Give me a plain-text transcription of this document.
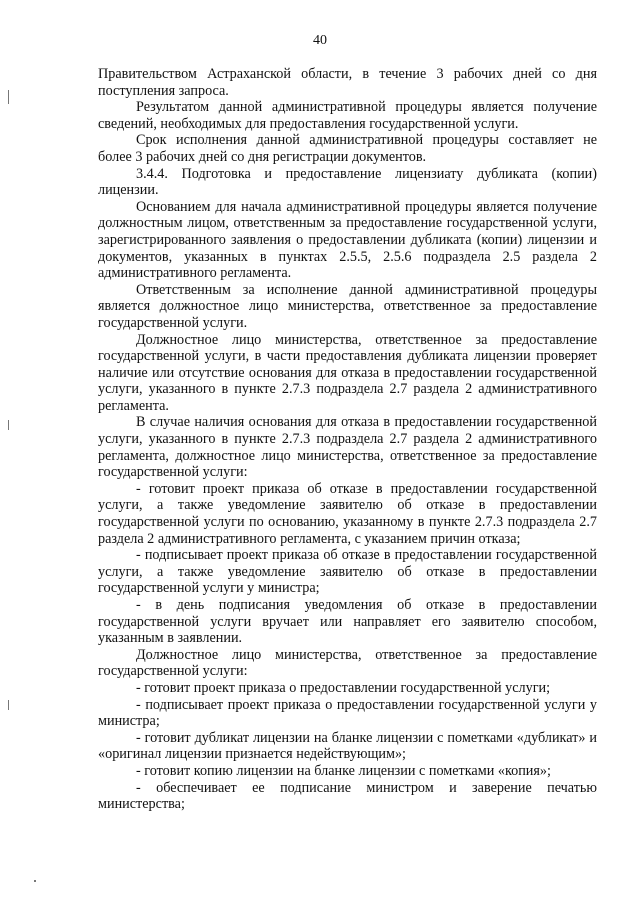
40

Правительством Астраханской области, в течение 3 рабочих дней со дня поступления запроса.

Результатом данной административной процедуры является получение сведений, необходимых для предоставления государственной услуги.

Срок исполнения данной административной процедуры составляет не более 3 рабочих дней со дня регистрации документов.

3.4.4. Подготовка и предоставление лицензиату дубликата (копии) лицензии.

Основанием для начала административной процедуры является получение должностным лицом, ответственным за предоставление государственной услуги, зарегистрированного заявления о предоставлении дубликата (копии) лицензии и документов, указанных в пунктах 2.5.5, 2.5.6 подраздела 2.5 раздела 2 административного регламента.

Ответственным за исполнение данной административной процедуры является должностное лицо министерства, ответственное за предоставление государственной услуги.

Должностное лицо министерства, ответственное за предоставление государственной услуги, в части предоставления дубликата лицензии проверяет наличие или отсутствие основания для отказа в предоставлении государственной услуги, указанного в пункте 2.7.3 подраздела 2.7 раздела 2 административного регламента.

В случае наличия основания для отказа в предоставлении государственной услуги, указанного в пункте 2.7.3 подраздела 2.7 раздела 2 административного регламента, должностное лицо министерства, ответственное за предоставление государственной услуги:

- готовит проект приказа об отказе в предоставлении государственной услуги, а также уведомление заявителю об отказе в предоставлении государственной услуги по основанию, указанному в пункте 2.7.3 подраздела 2.7 раздела 2 административного регламента, с указанием причин отказа;

- подписывает проект приказа об отказе в предоставлении государственной услуги, а также уведомление заявителю об отказе в предоставлении государственной услуги у министра;

- в день подписания уведомления об отказе в предоставлении государственной услуги вручает или направляет его заявителю способом, указанным в заявлении.

Должностное лицо министерства, ответственное за предоставление государственной услуги:

- готовит проект приказа о предоставлении государственной услуги;

- подписывает проект приказа о предоставлении государственной услуги у министра;

- готовит дубликат лицензии на бланке лицензии с пометками «дубликат» и «оригинал лицензии признается недействующим»;

- готовит копию лицензии на бланке лицензии с пометками «копия»;

- обеспечивает ее подписание министром и заверение печатью министерства;
